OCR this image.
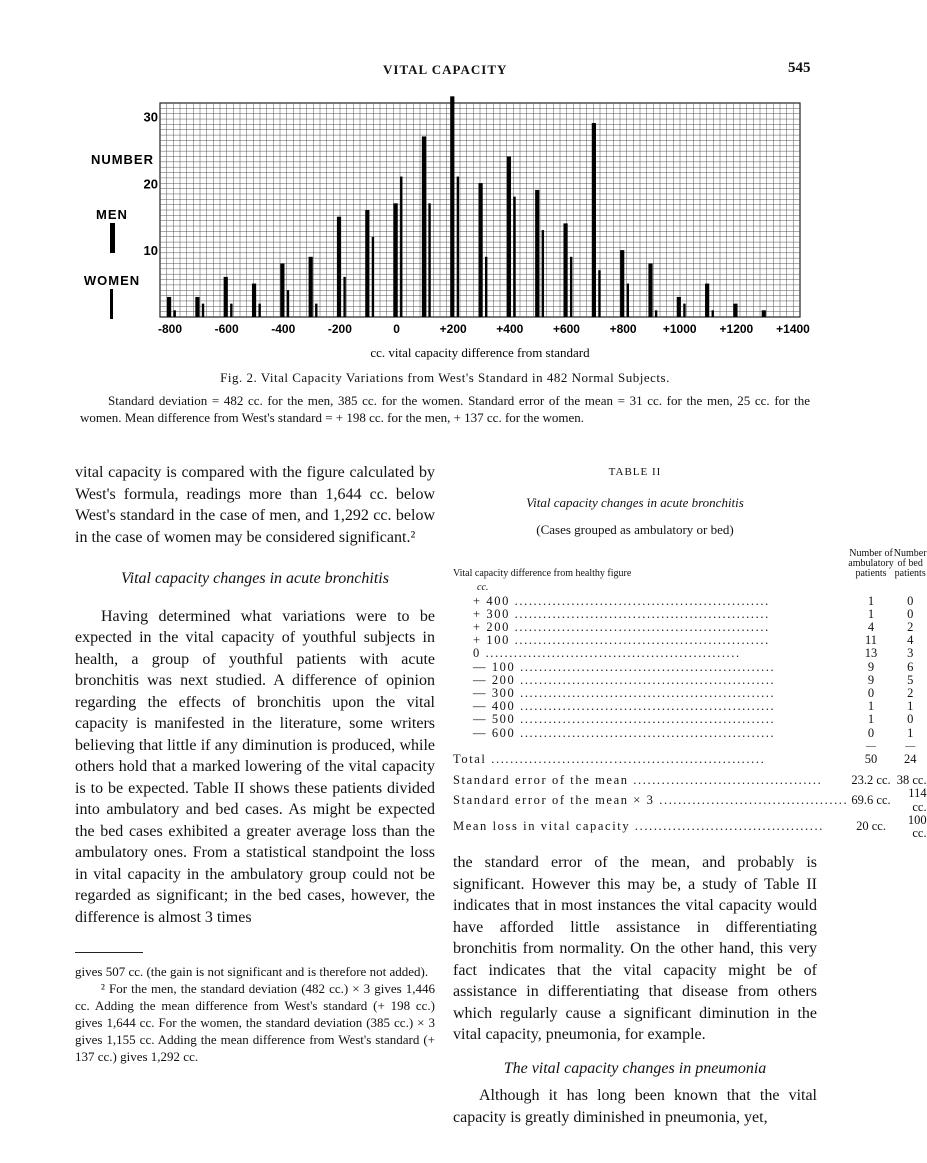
VITAL CAPACITY	545
10
20
30
-800	-600	-400	-200	0	+200 +400 +600 +800 +1000 +1200 +1400
NUMBER
MEN
WOMEN
cc. vital capacity difference from standard
Fig. 2. Vital Capacity Variations from West's Standard in 482 Normal Subjects.
Standard deviation = 482 cc. for the men, 385 cc. for the women. Standard error of the mean = 31 cc. for the men, 25 cc. for the women. Mean difference from West's standard = + 198 cc. for the men, + 137 cc. for the women.

vital capacity is compared with the figure calculated by West's formula, readings more than 1,644 cc. below West's standard in the case of men, and 1,292 cc. below in the case of women may be considered significant.²

Vital capacity changes in acute bronchitis

Having determined what variations were to be expected in the vital capacity of youthful subjects in health, a group of youthful patients with acute bronchitis was next studied. A difference of opinion regarding the effects of bronchitis upon the vital capacity is manifested in the literature, some writers believing that little if any diminution is produced, while others hold that a marked lowering of the vital capacity is to be expected. Table II shows these patients divided into ambulatory and bed cases. As might be expected the bed cases exhibited a greater average loss than the ambulatory ones. From a statistical standpoint the loss in vital capacity in the ambulatory group could not be regarded as significant; in the bed cases, however, the difference is almost 3 times

gives 507 cc. (the gain is not significant and is therefore not added).

² For the men, the standard deviation (482 cc.) × 3 gives 1,446 cc. Adding the mean difference from West's standard (+ 198 cc.) gives 1,644 cc. For the women, the standard deviation (385 cc.) × 3 gives 1,155 cc. Adding the mean difference from West's standard (+ 137 cc.) gives 1,292 cc.

TABLE II
Vital capacity changes in acute bronchitis
(Cases grouped as ambulatory or bed)
Vital capacity difference from healthy figure	Number of ambulatory patients	Number of bed patients
cc.		

+ 400 ......................................................	1	0

+ 300 ......................................................	1	0

+ 200 ......................................................	4	2

+ 100 ......................................................	11	4

0 ......................................................	13	3

— 100 ......................................................	9	6

— 200 ......................................................	9	5

— 300 ......................................................	0	2

— 400 ......................................................	1	1

— 500 ......................................................	1	0

— 600 ......................................................	0	1
	—	—

Total ..........................................................	50	24

Standard error of the mean ........................................	23.2 cc.	38 cc.

Standard error of the mean × 3 ........................................	69.6 cc.	114 cc.

Mean loss in vital capacity ........................................	20 cc.	100 cc.

the standard error of the mean, and probably is significant. However this may be, a study of Table II indicates that in most instances the vital capacity would have afforded little assistance in differentiating bronchitis from normality. On the other hand, this very fact indicates that the vital capacity might be of assistance in differentiating that disease from others which regularly cause a significant diminution in the vital capacity, pneumonia, for example.

The vital capacity changes in pneumonia

Although it has long been known that the vital capacity is greatly diminished in pneumonia, yet,
